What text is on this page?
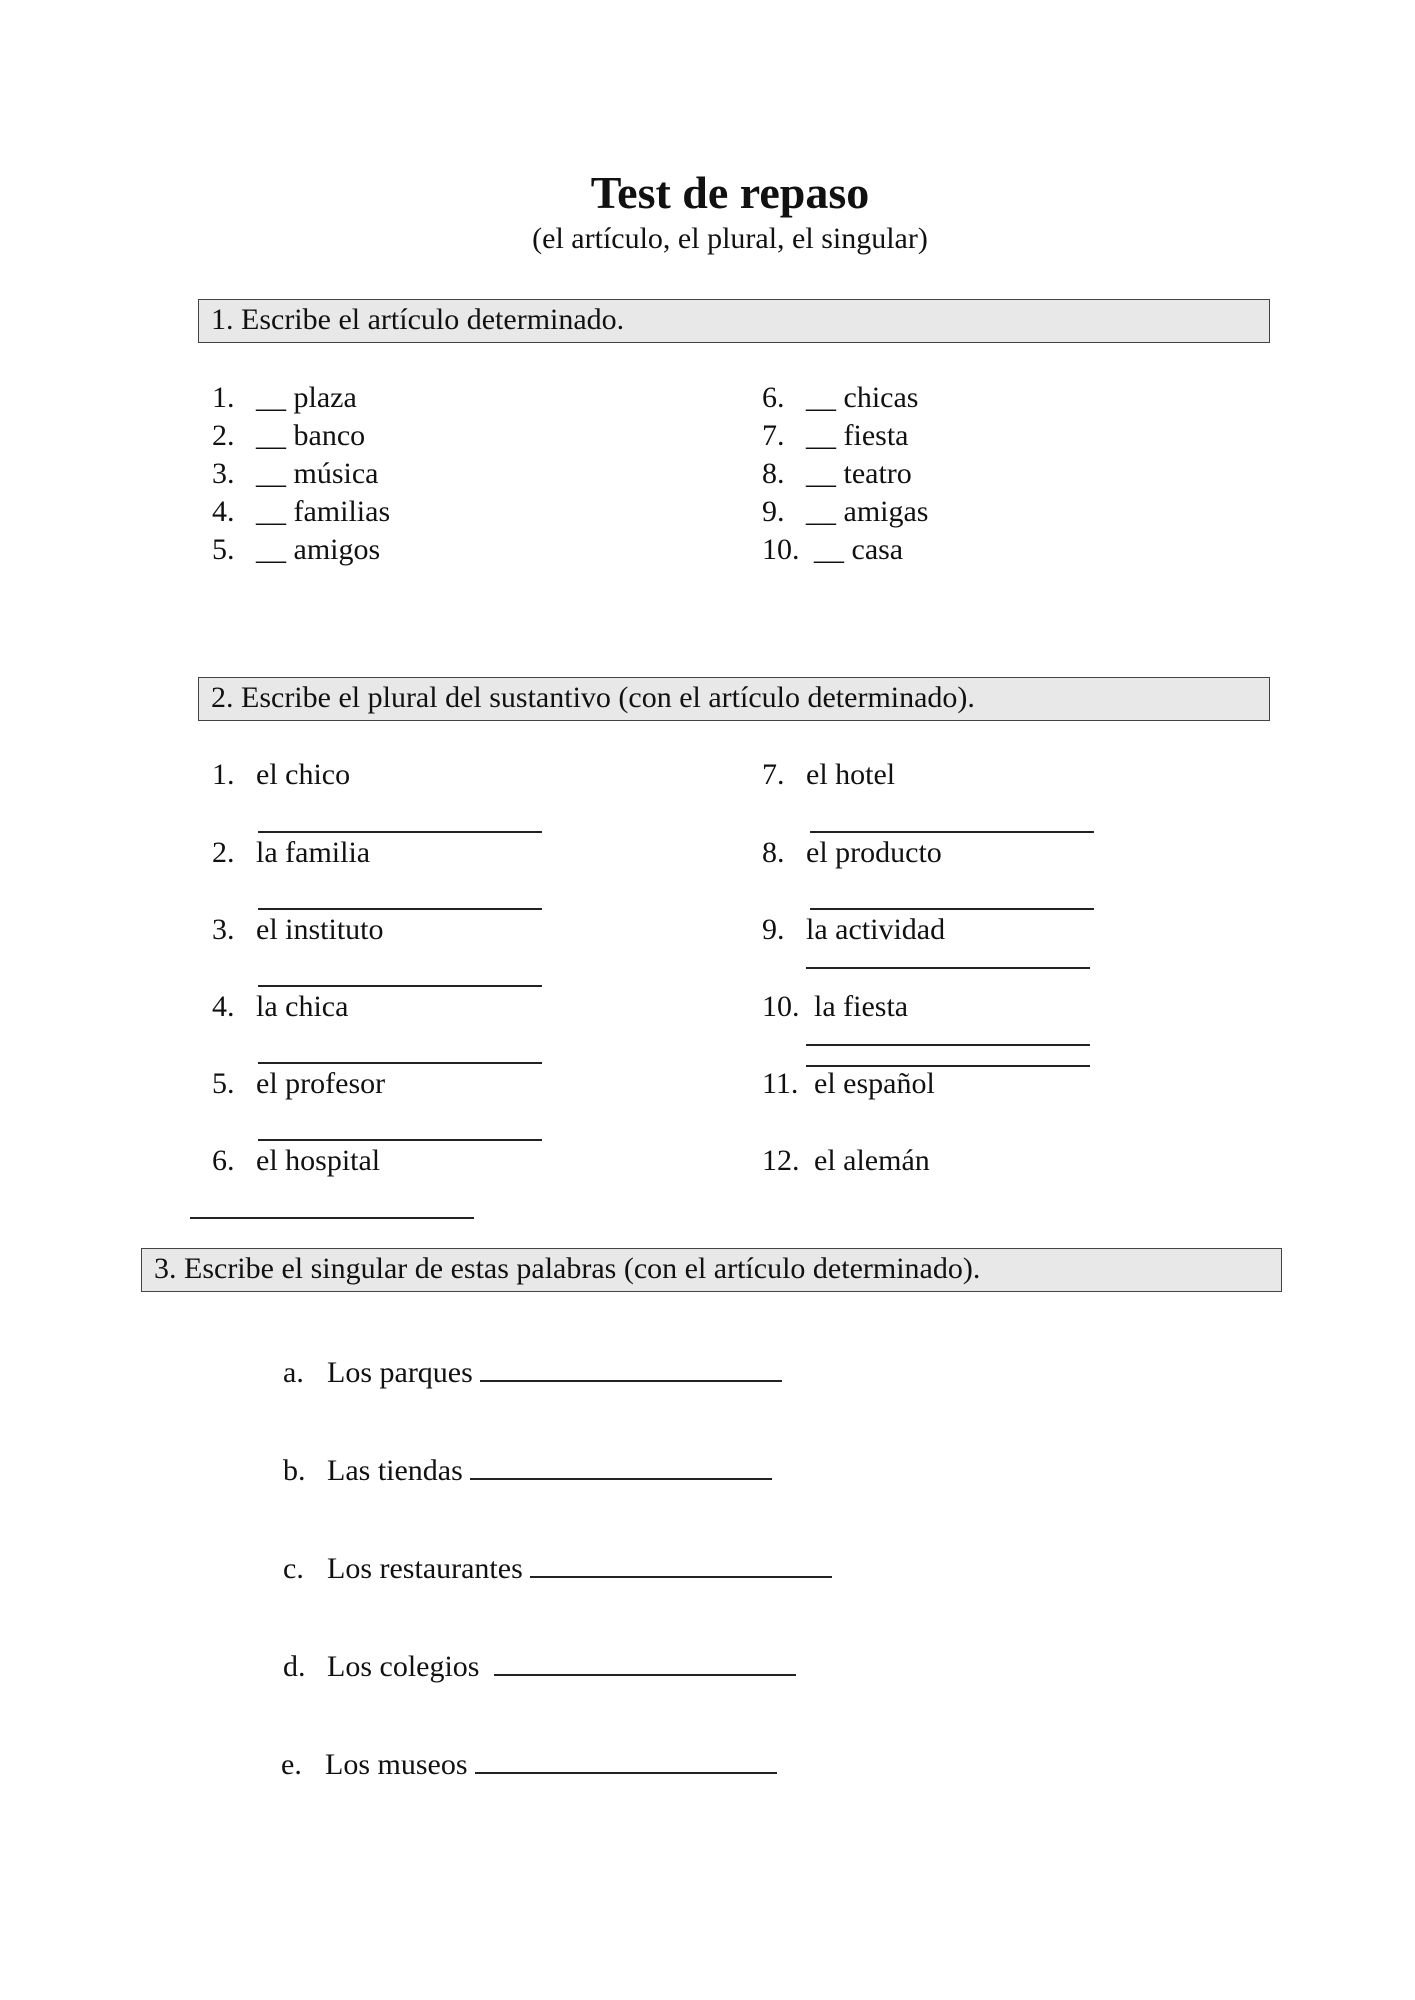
Test de repaso
(el artículo, el plural, el singular)
1. Escribe el artículo determinado.
1. __ plaza
2. __ banco
3. __ música
4. __ familias
5. __ amigos
6. __ chicas
7. __ fiesta
8. __ teatro
9. __ amigas
10. __ casa
2. Escribe el plural del sustantivo (con el artículo determinado).
1. el chico
2. la familia
3. el instituto
4. la chica
5. el profesor
6. el hospital
7. el hotel
8. el producto
9. la actividad
10. la fiesta
11. el español
12. el alemán
3. Escribe el singular de estas palabras (con el artículo determinado).
a. Los parques
b. Las tiendas
c. Los restaurantes
d. Los colegios
e. Los museos
